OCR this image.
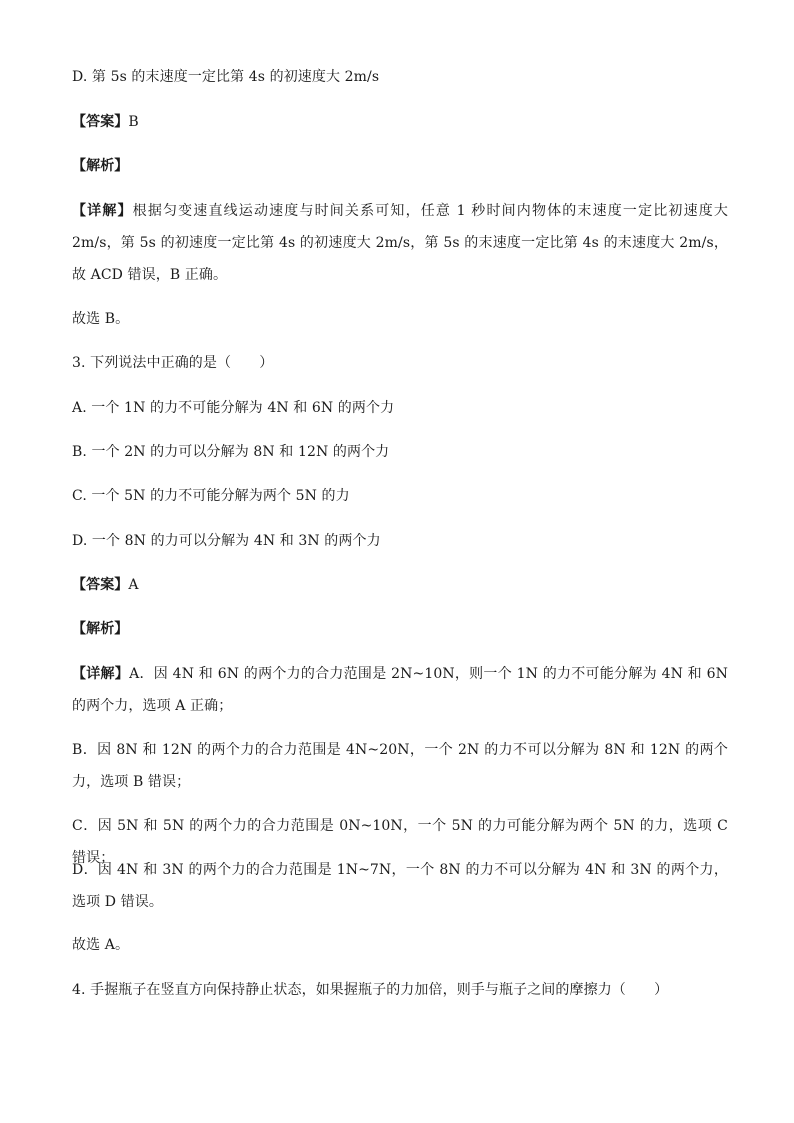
D. 第 5s 的末速度一定比第 4s 的初速度大 2m/s
【答案】B
【解析】
【详解】根据匀变速直线运动速度与时间关系可知，任意 1 秒时间内物体的末速度一定比初速度大 2m/s，第 5s 的初速度一定比第 4s 的初速度大 2m/s，第 5s 的末速度一定比第 4s 的末速度大 2m/s，故 ACD 错误，B 正确。
故选 B。
3. 下列说法中正确的是（　　）
A. 一个 1N 的力不可能分解为 4N 和 6N 的两个力
B. 一个 2N 的力可以分解为 8N 和 12N 的两个力
C. 一个 5N 的力不可能分解为两个 5N 的力
D. 一个 8N 的力可以分解为 4N 和 3N 的两个力
【答案】A
【解析】
【详解】A．因 4N 和 6N 的两个力的合力范围是 2N~10N，则一个 1N 的力不可能分解为 4N 和 6N 的两个力，选项 A 正确；
B．因 8N 和 12N 的两个力的合力范围是 4N~20N，一个 2N 的力不可以分解为 8N 和 12N 的两个力，选项 B 错误；
C．因 5N 和 5N 的两个力的合力范围是 0N~10N，一个 5N 的力可能分解为两个 5N 的力，选项 C 错误；
D．因 4N 和 3N 的两个力的合力范围是 1N~7N，一个 8N 的力不可以分解为 4N 和 3N 的两个力，选项 D 错误。
故选 A。
4. 手握瓶子在竖直方向保持静止状态，如果握瓶子的力加倍，则手与瓶子之间的摩擦力（　　）
